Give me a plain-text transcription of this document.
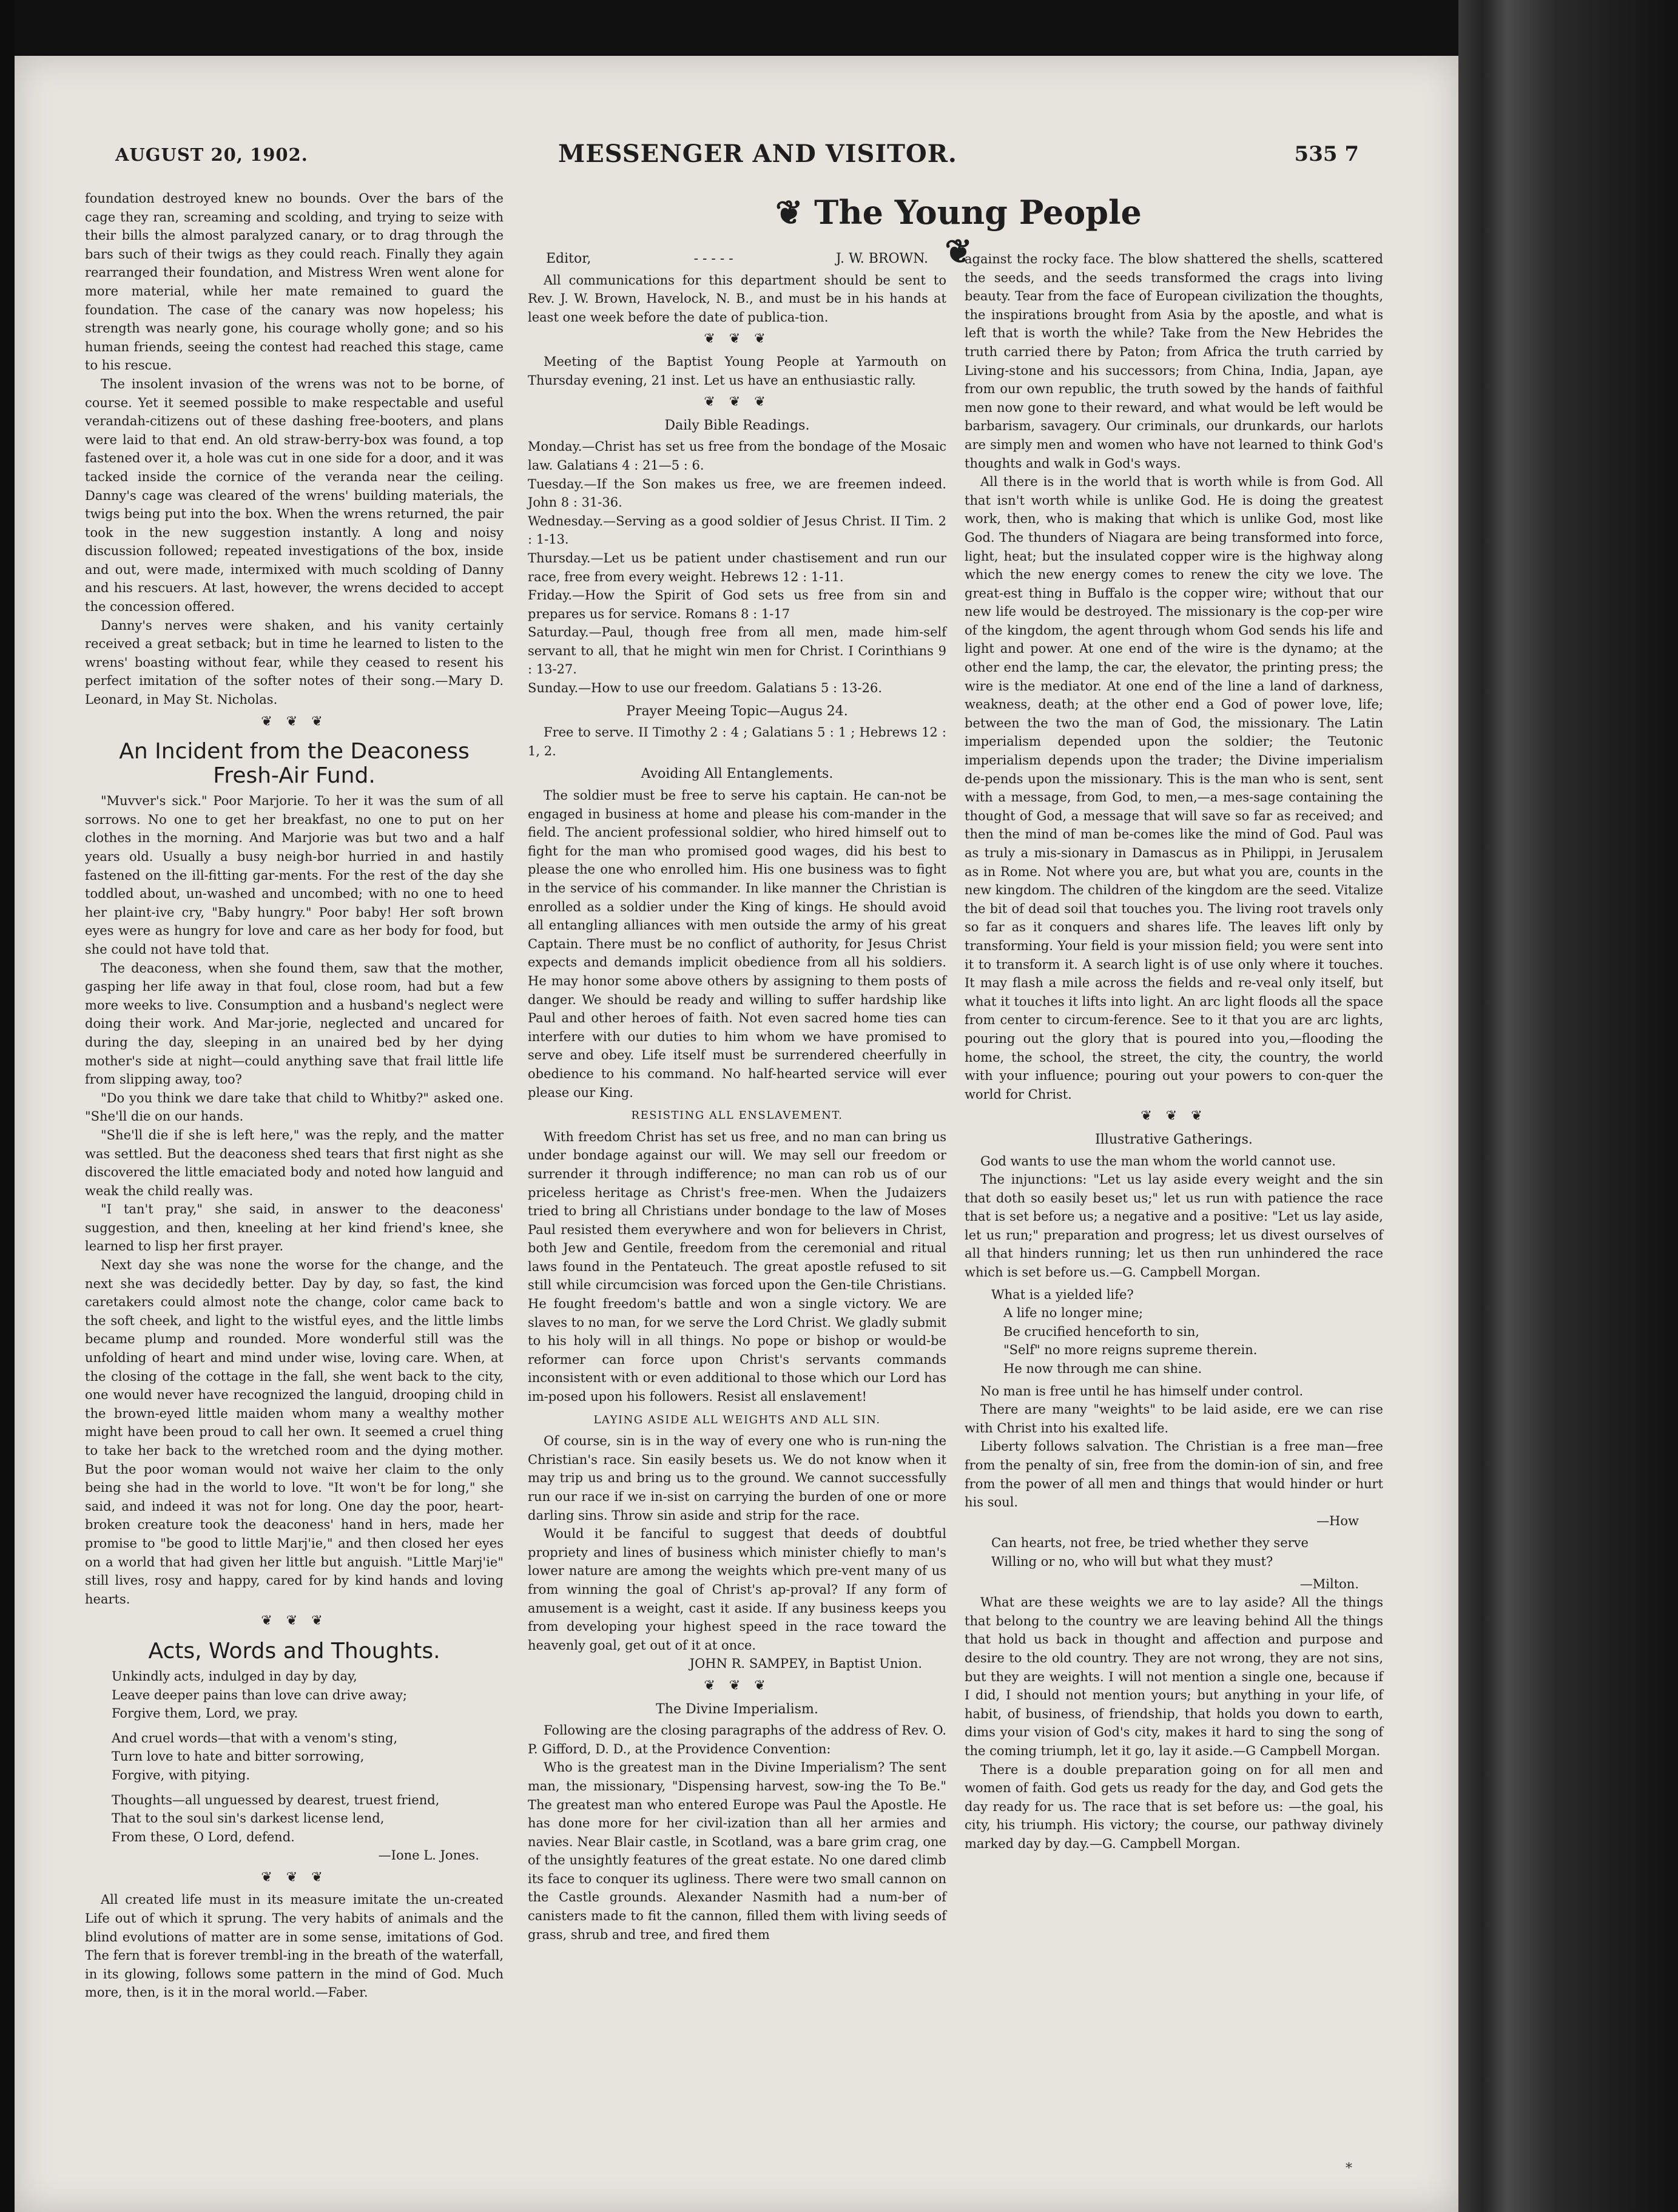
AUGUST 20, 1902.	MESSENGER AND VISITOR.	535 7
❦ The Young People ❦

foundation destroyed knew no bounds. Over the bars of the cage they ran, screaming and scolding, and trying to seize with their bills the almost paralyzed canary, or to drag through the bars such of their twigs as they could reach. Finally they again rearranged their foundation, and Mistress Wren went alone for more material, while her mate remained to guard the foundation. The case of the canary was now hopeless; his strength was nearly gone, his courage wholly gone; and so his human friends, seeing the contest had reached this stage, came to his rescue.

The insolent invasion of the wrens was not to be borne, of course. Yet it seemed possible to make respectable and useful verandah-citizens out of these dashing free-booters, and plans were laid to that end. An old straw-berry-box was found, a top fastened over it, a hole was cut in one side for a door, and it was tacked inside the cornice of the veranda near the ceiling. Danny's cage was cleared of the wrens' building materials, the twigs being put into the box. When the wrens returned, the pair took in the new suggestion instantly. A long and noisy discussion followed; repeated investigations of the box, inside and out, were made, intermixed with much scolding of Danny and his rescuers. At last, however, the wrens decided to accept the concession offered.

Danny's nerves were shaken, and his vanity certainly received a great setback; but in time he learned to listen to the wrens' boasting without fear, while they ceased to resent his perfect imitation of the softer notes of their song.—Mary D. Leonard, in May St. Nicholas.

❦ ❦ ❦
An Incident from the Deaconess Fresh-Air Fund.

"Muvver's sick." Poor Marjorie. To her it was the sum of all sorrows. No one to get her breakfast, no one to put on her clothes in the morning. And Marjorie was but two and a half years old. Usually a busy neigh-bor hurried in and hastily fastened on the ill-fitting gar-ments. For the rest of the day she toddled about, un-washed and uncombed; with no one to heed her plaint-ive cry, "Baby hungry." Poor baby! Her soft brown eyes were as hungry for love and care as her body for food, but she could not have told that.

The deaconess, when she found them, saw that the mother, gasping her life away in that foul, close room, had but a few more weeks to live. Consumption and a husband's neglect were doing their work. And Mar-jorie, neglected and uncared for during the day, sleeping in an unaired bed by her dying mother's side at night—could anything save that frail little life from slipping away, too?

"Do you think we dare take that child to Whitby?" asked one. "She'll die on our hands.

"She'll die if she is left here," was the reply, and the matter was settled. But the deaconess shed tears that first night as she discovered the little emaciated body and noted how languid and weak the child really was.

"I tan't pray," she said, in answer to the deaconess' suggestion, and then, kneeling at her kind friend's knee, she learned to lisp her first prayer.

Next day she was none the worse for the change, and the next she was decidedly better. Day by day, so fast, the kind caretakers could almost note the change, color came back to the soft cheek, and light to the wistful eyes, and the little limbs became plump and rounded. More wonderful still was the unfolding of heart and mind under wise, loving care. When, at the closing of the cottage in the fall, she went back to the city, one would never have recognized the languid, drooping child in the brown-eyed little maiden whom many a wealthy mother might have been proud to call her own. It seemed a cruel thing to take her back to the wretched room and the dying mother. But the poor woman would not waive her claim to the only being she had in the world to love. "It won't be for long," she said, and indeed it was not for long. One day the poor, heart-broken creature took the deaconess' hand in hers, made her promise to "be good to little Marj'ie," and then closed her eyes on a world that had given her little but anguish. "Little Marj'ie" still lives, rosy and happy, cared for by kind hands and loving hearts.

❦ ❦ ❦
Acts, Words and Thoughts.

Unkindly acts, indulged in day by day,

Leave deeper pains than love can drive away;

Forgive them, Lord, we pray.

And cruel words—that with a venom's sting,

Turn love to hate and bitter sorrowing,

Forgive, with pitying.

Thoughts—all unguessed by dearest, truest friend,

That to the soul sin's darkest license lend,

From these, O Lord, defend.

—Ione L. Jones.

❦ ❦ ❦

All created life must in its measure imitate the un-created Life out of which it sprung. The very habits of animals and the blind evolutions of matter are in some sense, imitations of God. The fern that is forever trembl-ing in the breath of the waterfall, in its glowing, follows some pattern in the mind of God. Much more, then, is it in the moral world.—Faber.

Editor,	- - - - -	J. W. BROWN.

All communications for this department should be sent to Rev. J. W. Brown, Havelock, N. B., and must be in his hands at least one week before the date of publica-tion.

❦ ❦ ❦

Meeting of the Baptist Young People at Yarmouth on Thursday evening, 21 inst. Let us have an enthusiastic rally.

❦ ❦ ❦
Daily Bible Readings.

Monday.—Christ has set us free from the bondage of the Mosaic law. Galatians 4 : 21—5 : 6.

Tuesday.—If the Son makes us free, we are freemen indeed. John 8 : 31-36.

Wednesday.—Serving as a good soldier of Jesus Christ. II Tim. 2 : 1-13.

Thursday.—Let us be patient under chastisement and run our race, free from every weight. Hebrews 12 : 1-11.

Friday.—How the Spirit of God sets us free from sin and prepares us for service. Romans 8 : 1-17

Saturday.—Paul, though free from all men, made him-self servant to all, that he might win men for Christ. I Corinthians 9 : 13-27.

Sunday.—How to use our freedom. Galatians 5 : 13-26.

Prayer Meeing Topic—Augus 24.

Free to serve. II Timothy 2 : 4 ; Galatians 5 : 1 ; Hebrews 12 : 1, 2.

Avoiding All Entanglements.

The soldier must be free to serve his captain. He can-not be engaged in business at home and please his com-mander in the field. The ancient professional soldier, who hired himself out to fight for the man who promised good wages, did his best to please the one who enrolled him. His one business was to fight in the service of his commander. In like manner the Christian is enrolled as a soldier under the King of kings. He should avoid all entangling alliances with men outside the army of his great Captain. There must be no conflict of authority, for Jesus Christ expects and demands implicit obedience from all his soldiers. He may honor some above others by assigning to them posts of danger. We should be ready and willing to suffer hardship like Paul and other heroes of faith. Not even sacred home ties can interfere with our duties to him whom we have promised to serve and obey. Life itself must be surrendered cheerfully in obedience to his command. No half-hearted service will ever please our King.

RESISTING ALL ENSLAVEMENT.

With freedom Christ has set us free, and no man can bring us under bondage against our will. We may sell our freedom or surrender it through indifference; no man can rob us of our priceless heritage as Christ's free-men. When the Judaizers tried to bring all Christians under bondage to the law of Moses Paul resisted them everywhere and won for believers in Christ, both Jew and Gentile, freedom from the ceremonial and ritual laws found in the Pentateuch. The great apostle refused to sit still while circumcision was forced upon the Gen-tile Christians. He fought freedom's battle and won a single victory. We are slaves to no man, for we serve the Lord Christ. We gladly submit to his holy will in all things. No pope or bishop or would-be reformer can force upon Christ's servants commands inconsistent with or even additional to those which our Lord has im-posed upon his followers. Resist all enslavement!

LAYING ASIDE ALL WEIGHTS AND ALL SIN.

Of course, sin is in the way of every one who is run-ning the Christian's race. Sin easily besets us. We do not know when it may trip us and bring us to the ground. We cannot successfully run our race if we in-sist on carrying the burden of one or more darling sins. Throw sin aside and strip for the race.

Would it be fanciful to suggest that deeds of doubtful propriety and lines of business which minister chiefly to man's lower nature are among the weights which pre-vent many of us from winning the goal of Christ's ap-proval? If any form of amusement is a weight, cast it aside. If any business keeps you from developing your highest speed in the race toward the heavenly goal, get out of it at once.

JOHN R. SAMPEY, in Baptist Union.

❦ ❦ ❦
The Divine Imperialism.

Following are the closing paragraphs of the address of Rev. O. P. Gifford, D. D., at the Providence Convention:

Who is the greatest man in the Divine Imperialism? The sent man, the missionary, "Dispensing harvest, sow-ing the To Be." The greatest man who entered Europe was Paul the Apostle. He has done more for her civil-ization than all her armies and navies. Near Blair castle, in Scotland, was a bare grim crag, one of the unsightly features of the great estate. No one dared climb its face to conquer its ugliness. There were two small cannon on the Castle grounds. Alexander Nasmith had a num-ber of canisters made to fit the cannon, filled them with living seeds of grass, shrub and tree, and fired them

against the rocky face. The blow shattered the shells, scattered the seeds, and the seeds transformed the crags into living beauty. Tear from the face of European civilization the thoughts, the inspirations brought from Asia by the apostle, and what is left that is worth the while? Take from the New Hebrides the truth carried there by Paton; from Africa the truth carried by Living-stone and his successors; from China, India, Japan, aye from our own republic, the truth sowed by the hands of faithful men now gone to their reward, and what would be left would be barbarism, savagery. Our criminals, our drunkards, our harlots are simply men and women who have not learned to think God's thoughts and walk in God's ways.

All there is in the world that is worth while is from God. All that isn't worth while is unlike God. He is doing the greatest work, then, who is making that which is unlike God, most like God. The thunders of Niagara are being transformed into force, light, heat; but the insulated copper wire is the highway along which the new energy comes to renew the city we love. The great-est thing in Buffalo is the copper wire; without that our new life would be destroyed. The missionary is the cop-per wire of the kingdom, the agent through whom God sends his life and light and power. At one end of the wire is the dynamo; at the other end the lamp, the car, the elevator, the printing press; the wire is the mediator. At one end of the line a land of darkness, weakness, death; at the other end a God of power love, life; between the two the man of God, the missionary. The Latin imperialism depended upon the soldier; the Teutonic imperialism depends upon the trader; the Divine imperialism de-pends upon the missionary. This is the man who is sent, sent with a message, from God, to men,—a mes-sage containing the thought of God, a message that will save so far as received; and then the mind of man be-comes like the mind of God. Paul was as truly a mis-sionary in Damascus as in Philippi, in Jerusalem as in Rome. Not where you are, but what you are, counts in the new kingdom. The children of the kingdom are the seed. Vitalize the bit of dead soil that touches you. The living root travels only so far as it conquers and shares life. The leaves lift only by transforming. Your field is your mission field; you were sent into it to transform it. A search light is of use only where it touches. It may flash a mile across the fields and re-veal only itself, but what it touches it lifts into light. An arc light floods all the space from center to circum-ference. See to it that you are arc lights, pouring out the glory that is poured into you,—flooding the home, the school, the street, the city, the country, the world with your influence; pouring out your powers to con-quer the world for Christ.

❦ ❦ ❦
Illustrative Gatherings.

God wants to use the man whom the world cannot use.

The injunctions: "Let us lay aside every weight and the sin that doth so easily beset us;" let us run with patience the race that is set before us; a negative and a positive: "Let us lay aside, let us run;" preparation and progress; let us divest ourselves of all that hinders running; let us then run unhindered the race which is set before us.—G. Campbell Morgan.

What is a yielded life?

A life no longer mine;

Be crucified henceforth to sin,

"Self" no more reigns supreme therein.

He now through me can shine.

No man is free until he has himself under control.

There are many "weights" to be laid aside, ere we can rise with Christ into his exalted life.

Liberty follows salvation. The Christian is a free man—free from the penalty of sin, free from the domin-ion of sin, and free from the power of all men and things that would hinder or hurt his soul.

—How

Can hearts, not free, be tried whether they serve

Willing or no, who will but what they must?

—Milton.

What are these weights we are to lay aside? All the things that belong to the country we are leaving behind All the things that hold us back in thought and affection and purpose and desire to the old country. They are not wrong, they are not sins, but they are weights. I will not mention a single one, because if I did, I should not mention yours; but anything in your life, of habit, of business, of friendship, that holds you down to earth, dims your vision of God's city, makes it hard to sing the song of the coming triumph, let it go, lay it aside.—G Campbell Morgan.

There is a double preparation going on for all men and women of faith. God gets us ready for the day, and God gets the day ready for us. The race that is set before us: —the goal, his city, his triumph. His victory; the course, our pathway divinely marked day by day.—G. Campbell Morgan.

*
